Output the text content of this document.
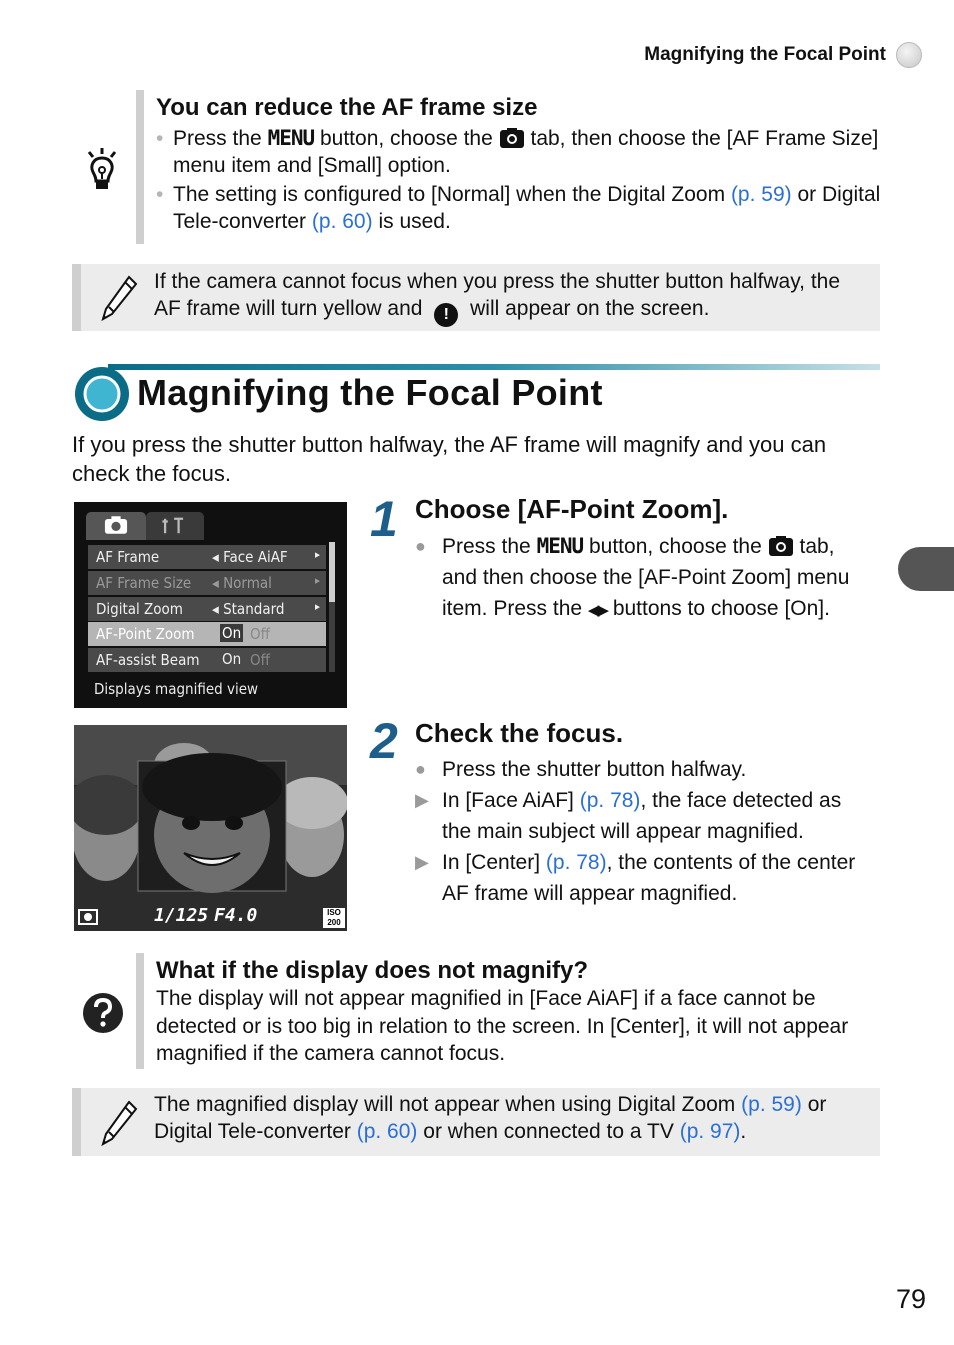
Magnifying the Focal Point
You can reduce the AF frame size
• Press the MENU button, choose the tab, then choose the [AF Frame Size] menu item and [Small] option.
• The setting is configured to [Normal] when the Digital Zoom (p. 59) or Digital Tele-converter (p. 60) is used.
If the camera cannot focus when you press the shutter button halfway, the AF frame will turn yellow and ! will appear on the screen.
Magnifying the Focal Point
If you press the shutter button halfway, the AF frame will magnify and you can check the focus.
AF Frame	◂ Face AiAF ▸
AF Frame Size ◂ Normal	▸
Digital Zoom ◂ Standard	▸
AF-Point Zoom On Off
AF-assist Beam On Off
Displays magnified view
1/125 F4.0	ISO
200
1 Choose [AF-Point Zoom].
● Press the MENU button, choose the tab,
and then choose the [AF-Point Zoom] menu
item. Press the ◀▶ buttons to choose [On].
2 Check the focus.
● Press the shutter button halfway.
▶ In [Face AiAF] (p. 78), the face detected as
the main subject will appear magnified.
▶ In [Center] (p. 78), the contents of the center
AF frame will appear magnified.
What if the display does not magnify?
The display will not appear magnified in [Face AiAF] if a face cannot be detected or is too big in relation to the screen. In [Center], it will not appear magnified if the camera cannot focus.
The magnified display will not appear when using Digital Zoom (p. 59) or Digital Tele-converter (p. 60) or when connected to a TV (p. 97).
79
